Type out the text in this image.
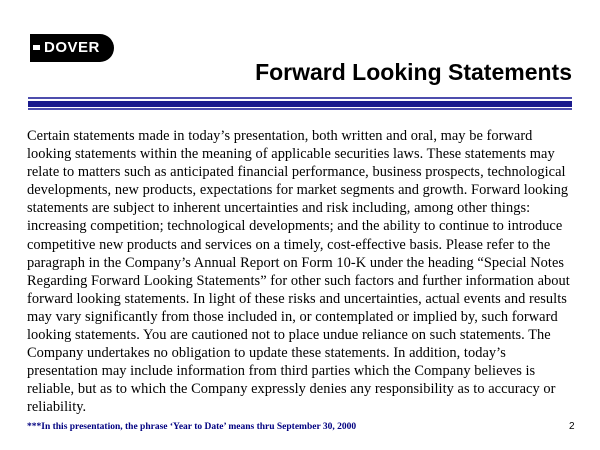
DOVER
Forward Looking Statements

Certain statements made in today’s presentation, both written and oral, may be forward looking statements within the meaning of applicable securities laws. These statements may relate to matters such as anticipated financial performance, business prospects, technological developments, new products, expectations for market segments and growth. Forward looking statements are subject to inherent uncertainties and risk including, among other things: increasing competition; technological developments; and the ability to continue to introduce competitive new products and services on a timely, cost-effective basis. Please refer to the paragraph in the Company’s Annual Report on Form 10-K under the heading “Special Notes Regarding Forward Looking Statements” for other such factors and further information about forward looking statements. In light of these risks and uncertainties, actual events and results may vary significantly from those included in, or contemplated or implied by, such forward looking statements. You are cautioned not to place undue reliance on such statements. The Company undertakes no obligation to update these statements. In addition, today’s presentation may include information from third parties which the Company believes is reliable, but as to which the Company expressly denies any responsibility as to accuracy or reliability.

***In this presentation, the phrase ‘Year to Date’ means thru September 30, 2000	2
